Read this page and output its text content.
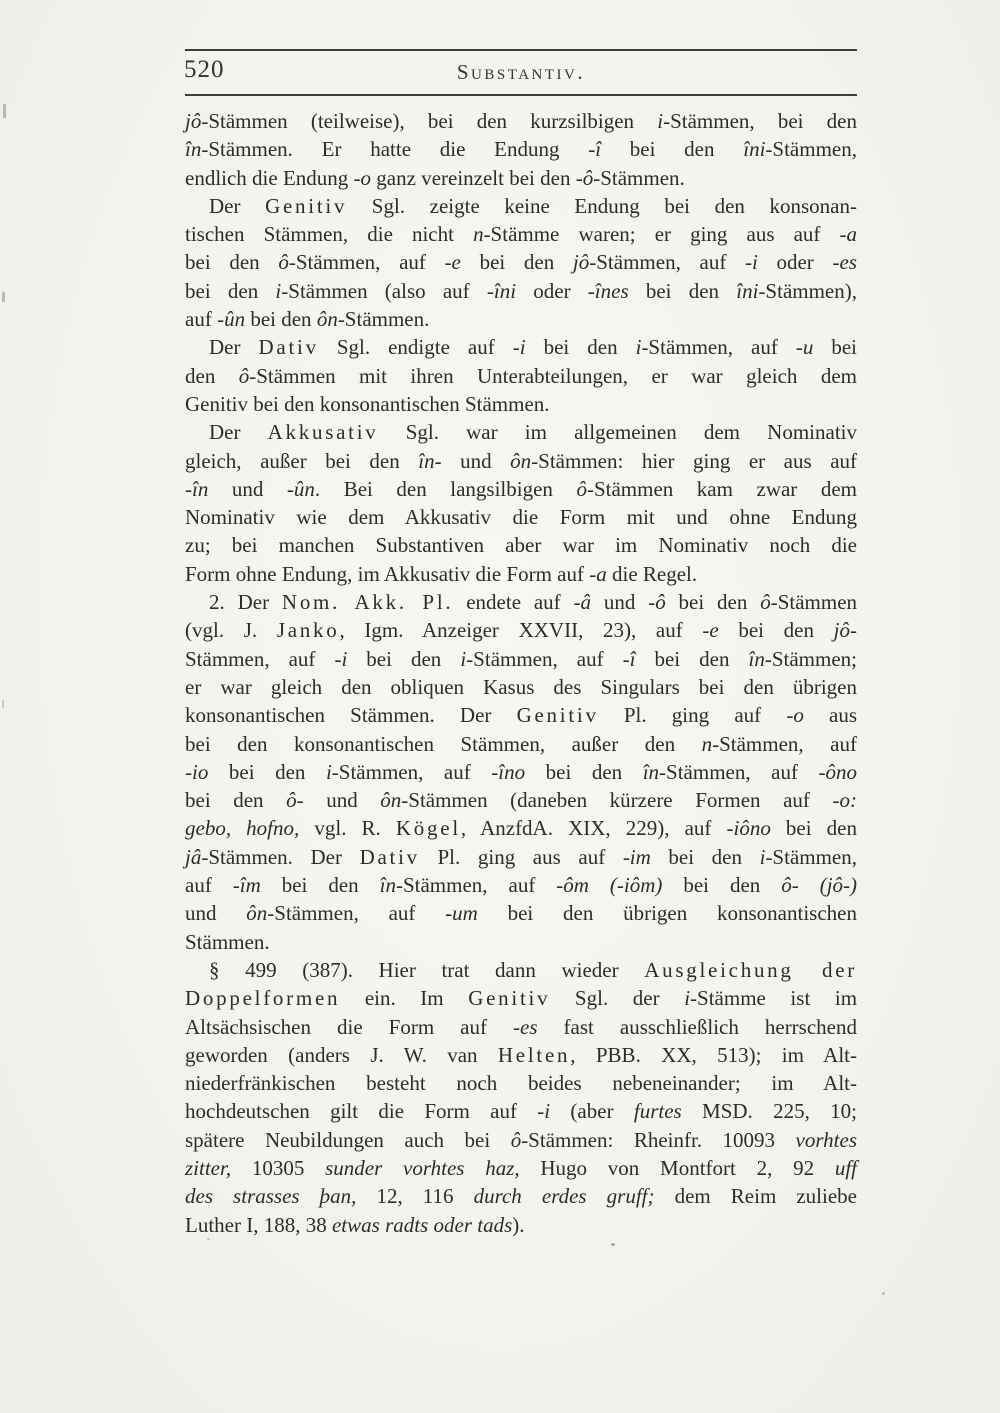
520	Substantiv.
jô-Stämmen (teilweise), bei den kurzsilbigen i-Stämmen, bei den
în-Stämmen. Er hatte die Endung -î bei den îni-Stämmen,
endlich die Endung -o ganz vereinzelt bei den -ô-Stämmen.
Der Genitiv Sgl. zeigte keine Endung bei den konsonan-
tischen Stämmen, die nicht n-Stämme waren; er ging aus auf -a
bei den ô-Stämmen, auf -e bei den jô-Stämmen, auf -i oder -es
bei den i-Stämmen (also auf -îni oder -înes bei den îni-Stämmen),
auf -ûn bei den ôn-Stämmen.
Der Dativ Sgl. endigte auf -i bei den i-Stämmen, auf -u bei
den ô-Stämmen mit ihren Unterabteilungen, er war gleich dem
Genitiv bei den konsonantischen Stämmen.
Der Akkusativ Sgl. war im allgemeinen dem Nominativ
gleich, außer bei den în- und ôn-Stämmen: hier ging er aus auf
-în und -ûn. Bei den langsilbigen ô-Stämmen kam zwar dem
Nominativ wie dem Akkusativ die Form mit und ohne Endung
zu; bei manchen Substantiven aber war im Nominativ noch die
Form ohne Endung, im Akkusativ die Form auf -a die Regel.
2. Der Nom. Akk. Pl. endete auf -â und -ô bei den ô-Stämmen
(vgl. J. Janko, Igm. Anzeiger XXVII, 23), auf -e bei den jô-
Stämmen, auf -i bei den i-Stämmen, auf -î bei den în-Stämmen;
er war gleich den obliquen Kasus des Singulars bei den übrigen
konsonantischen Stämmen. Der Genitiv Pl. ging auf -o aus
bei den konsonantischen Stämmen, außer den n-Stämmen, auf
-io bei den i-Stämmen, auf -îno bei den în-Stämmen, auf -ôno
bei den ô- und ôn-Stämmen (daneben kürzere Formen auf -o:
gebo, hofno, vgl. R. Kögel, AnzfdA. XIX, 229), auf -iôno bei den
jâ-Stämmen. Der Dativ Pl. ging aus auf -im bei den i-Stämmen,
auf -îm bei den în-Stämmen, auf -ôm (-iôm) bei den ô- (jô-)
und ôn-Stämmen, auf -um bei den übrigen konsonantischen
Stämmen.
§ 499 (387). Hier trat dann wieder Ausgleichung der
Doppelformen ein. Im Genitiv Sgl. der i-Stämme ist im
Altsächsischen die Form auf -es fast ausschließlich herrschend
geworden (anders J. W. van Helten, PBB. XX, 513); im Alt-
niederfränkischen besteht noch beides nebeneinander; im Alt-
hochdeutschen gilt die Form auf -i (aber furtes MSD. 225, 10;
spätere Neubildungen auch bei ô-Stämmen: Rheinfr. 10093 vorhtes
zitter, 10305 sunder vorhtes haz, Hugo von Montfort 2, 92 uff
des strasses þan, 12, 116 durch erdes gruff; dem Reim zuliebe
Luther I, 188, 38 etwas radts oder tads).
